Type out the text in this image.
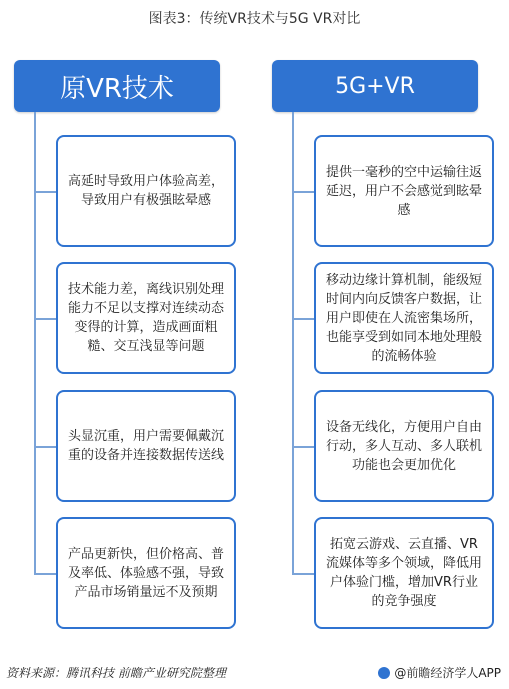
图表3：传统VR技术与5G VR对比
原VR技术
高延时导致用户体验高差，导致用户有极强眩晕感
技术能力差，离线识别处理能力不足以支撑对连续动态变得的计算，造成画面粗糙、交互浅显等问题
头显沉重，用户需要佩戴沉重的设备并连接数据传送线
产品更新快，但价格高、普及率低、体验感不强，导致产品市场销量远不及预期
5G+VR
提供一毫秒的空中运输往返延迟，用户不会感觉到眩晕感
移动边缘计算机制，能级短时间内向反馈客户数据，让用户即使在人流密集场所，也能享受到如同本地处理般的流畅体验
设备无线化，方便用户自由行动，多人互动、多人联机功能也会更加优化
拓宽云游戏、云直播、VR流媒体等多个领域，降低用户体验门槛，增加VR行业的竞争强度
资料来源：腾讯科技 前瞻产业研究院整理	@前瞻经济学人APP
